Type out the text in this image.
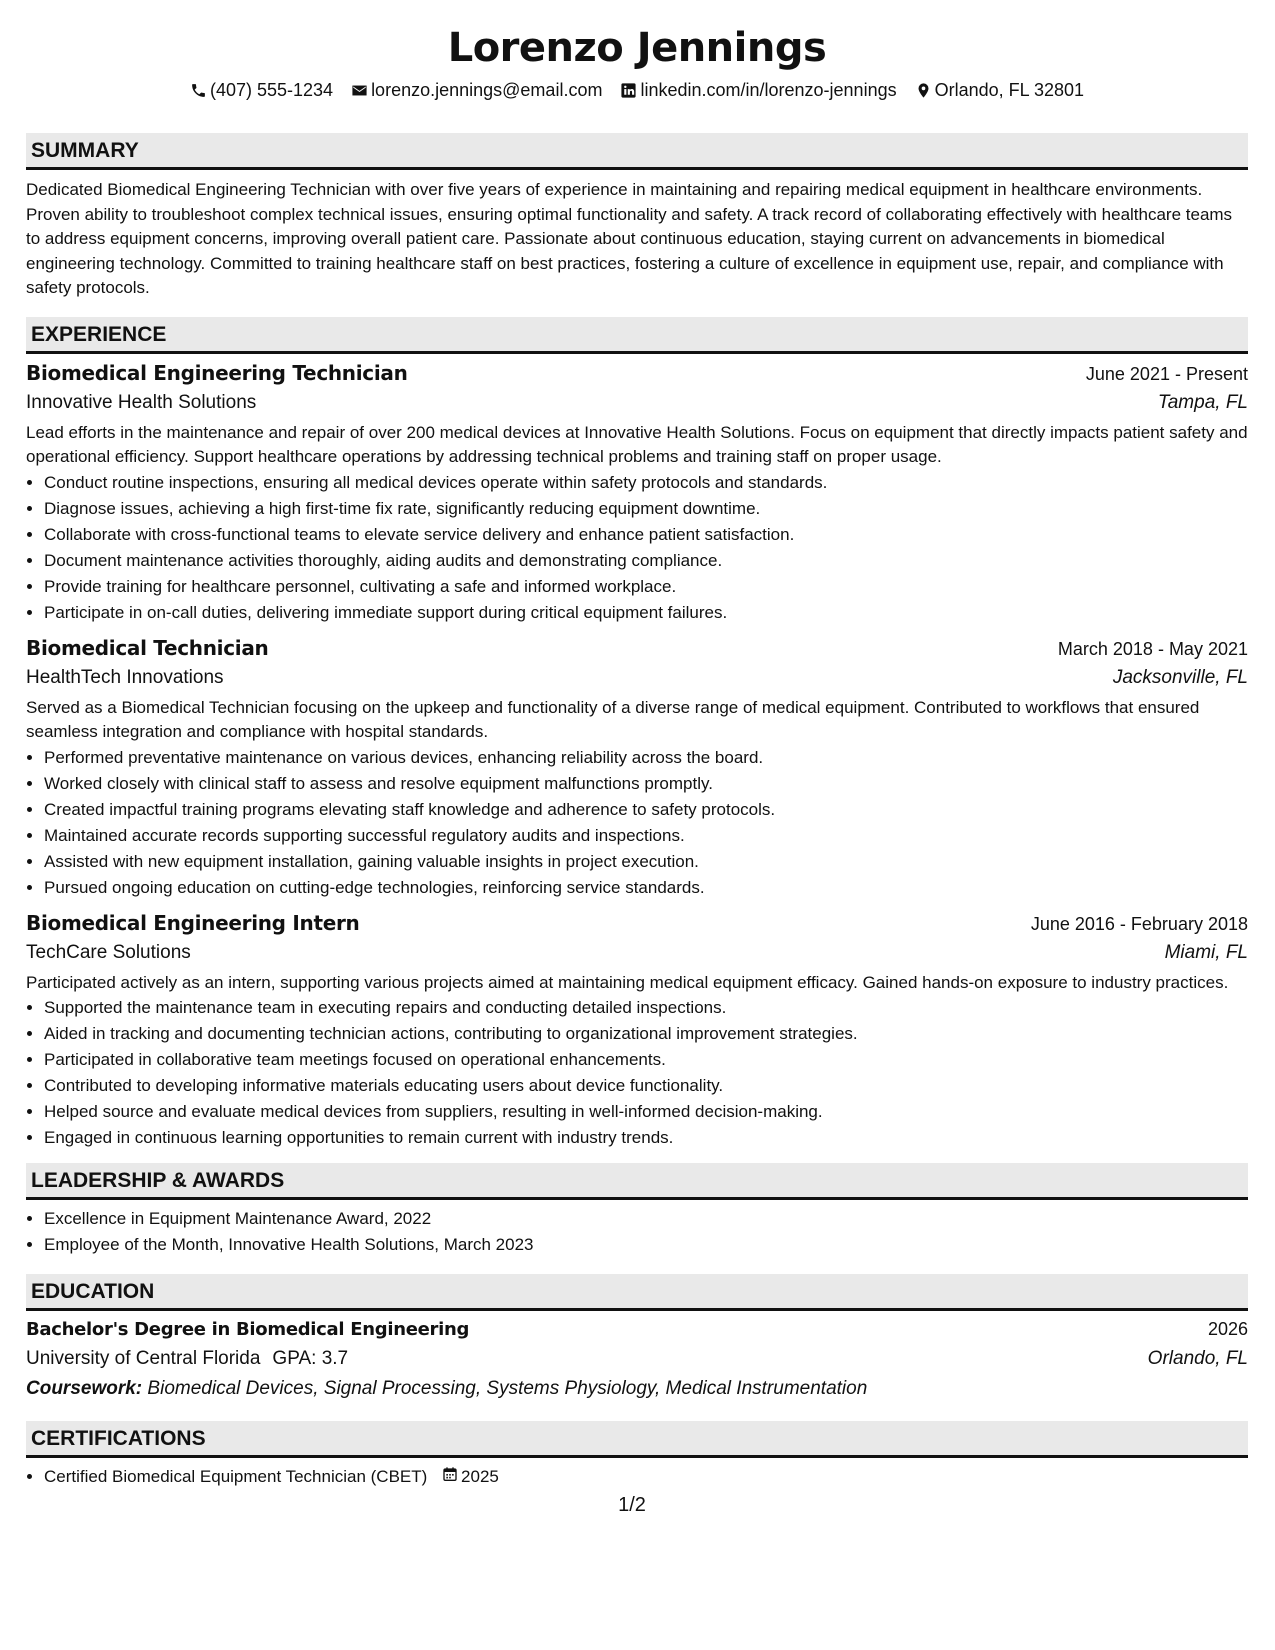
Lorenzo Jennings
(407) 555-1234 lorenzo.jennings@email.com linkedin.com/in/lorenzo-jennings Orlando, FL 32801
SUMMARY
Dedicated Biomedical Engineering Technician with over five years of experience in maintaining and repairing medical equipment in healthcare environments. Proven ability to troubleshoot complex technical issues, ensuring optimal functionality and safety. A track record of collaborating effectively with healthcare teams to address equipment concerns, improving overall patient care. Passionate about continuous education, staying current on advancements in biomedical engineering technology. Committed to training healthcare staff on best practices, fostering a culture of excellence in equipment use, repair, and compliance with safety protocols.
EXPERIENCE
Biomedical Engineering Technician	June 2021 - Present
Innovative Health Solutions	Tampa, FL
Lead efforts in the maintenance and repair of over 200 medical devices at Innovative Health Solutions. Focus on equipment that directly impacts patient safety and operational efficiency. Support healthcare operations by addressing technical problems and training staff on proper usage.
• Conduct routine inspections, ensuring all medical devices operate within safety protocols and standards.
• Diagnose issues, achieving a high first-time fix rate, significantly reducing equipment downtime.
• Collaborate with cross-functional teams to elevate service delivery and enhance patient satisfaction.
• Document maintenance activities thoroughly, aiding audits and demonstrating compliance.
• Provide training for healthcare personnel, cultivating a safe and informed workplace.
• Participate in on-call duties, delivering immediate support during critical equipment failures.
Biomedical Technician	March 2018 - May 2021
HealthTech Innovations	Jacksonville, FL
Served as a Biomedical Technician focusing on the upkeep and functionality of a diverse range of medical equipment. Contributed to workflows that ensured seamless integration and compliance with hospital standards.
• Performed preventative maintenance on various devices, enhancing reliability across the board.
• Worked closely with clinical staff to assess and resolve equipment malfunctions promptly.
• Created impactful training programs elevating staff knowledge and adherence to safety protocols.
• Maintained accurate records supporting successful regulatory audits and inspections.
• Assisted with new equipment installation, gaining valuable insights in project execution.
• Pursued ongoing education on cutting-edge technologies, reinforcing service standards.
Biomedical Engineering Intern	June 2016 - February 2018
TechCare Solutions	Miami, FL
Participated actively as an intern, supporting various projects aimed at maintaining medical equipment efficacy. Gained hands-on exposure to industry practices.
• Supported the maintenance team in executing repairs and conducting detailed inspections.
• Aided in tracking and documenting technician actions, contributing to organizational improvement strategies.
• Participated in collaborative team meetings focused on operational enhancements.
• Contributed to developing informative materials educating users about device functionality.
• Helped source and evaluate medical devices from suppliers, resulting in well-informed decision-making.
• Engaged in continuous learning opportunities to remain current with industry trends.
LEADERSHIP & AWARDS
• Excellence in Equipment Maintenance Award, 2022
• Employee of the Month, Innovative Health Solutions, March 2023
EDUCATION
Bachelor's Degree in Biomedical Engineering	2026
University of Central Florida GPA: 3.7	Orlando, FL
Coursework: Biomedical Devices, Signal Processing, Systems Physiology, Medical Instrumentation
CERTIFICATIONS
• Certified Biomedical Equipment Technician (CBET) 2025
1/2
